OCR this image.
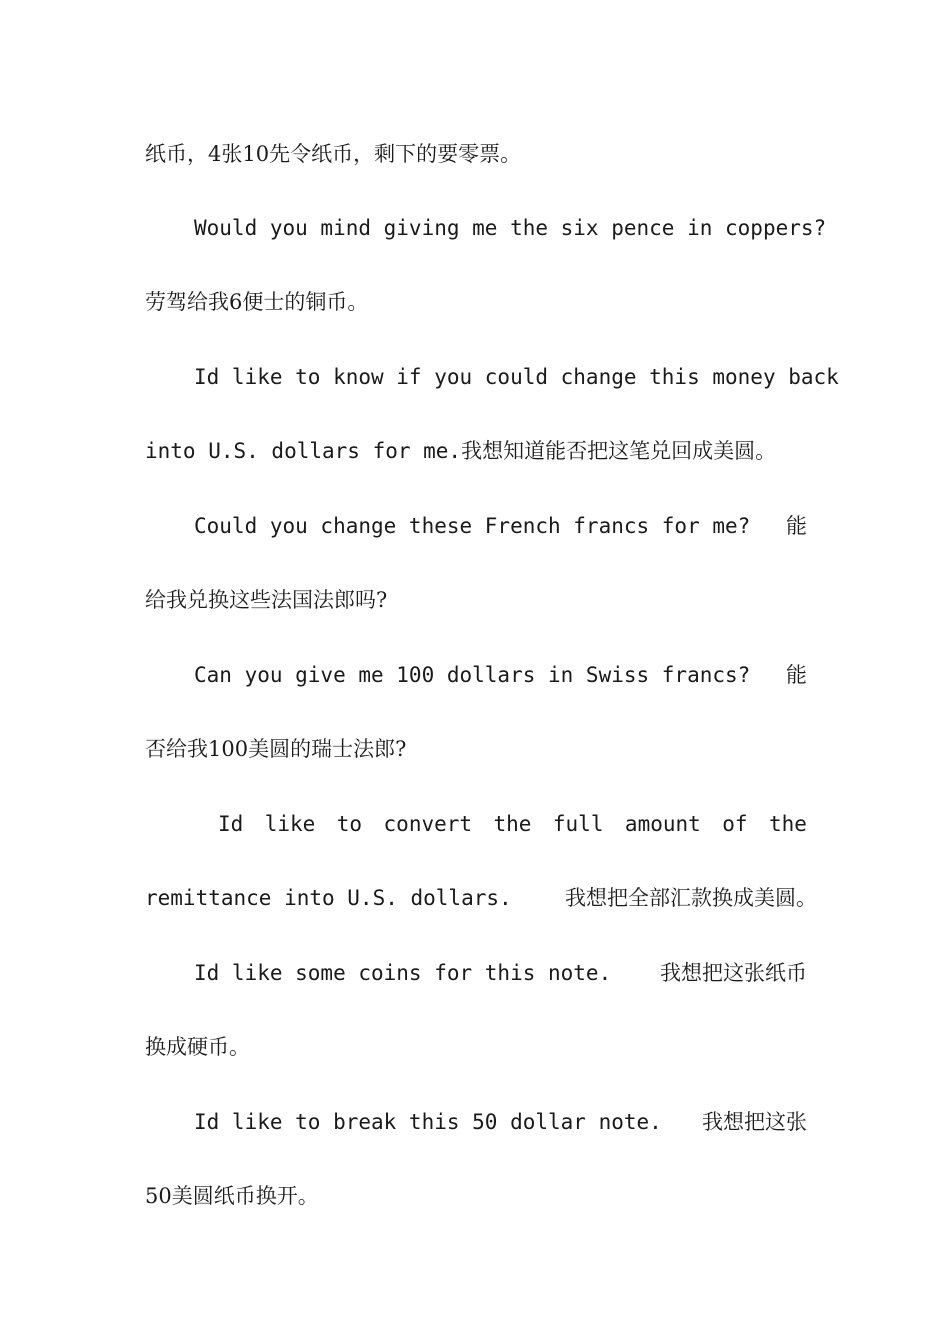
纸币，4张10先令纸币，剩下的要零票。
Would you mind giving me the six pence in coppers?
劳驾给我6便士的铜币。
Id like to know if you could change this money back
into U.S. dollars for me.我想知道能否把这笔兑回成美圆。
Could you change these French francs for me? 能
给我兑换这些法国法郎吗?
Can you give me 100 dollars in Swiss francs? 能
否给我100美圆的瑞士法郎?
Id like to convert the full amount of the
remittance into U.S. dollars.	我想把全部汇款换成美圆。
Id like some coins for this note. 我想把这张纸币
换成硬币。
Id like to break this 50 dollar note. 我想把这张
50美圆纸币换开。
